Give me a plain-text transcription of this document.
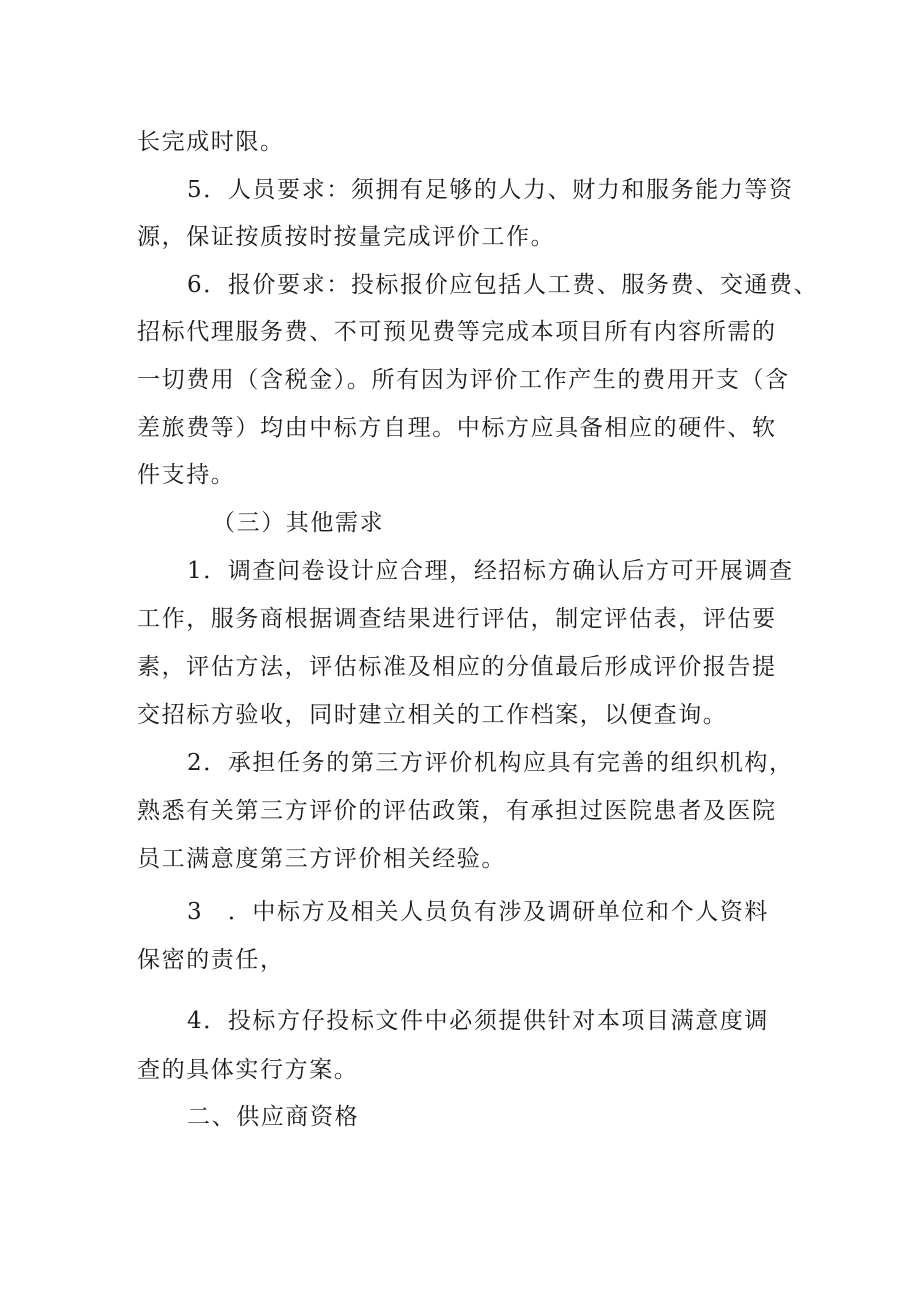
长完成时限。
5．人员要求：须拥有足够的人力、财力和服务能力等资
源，保证按质按时按量完成评价工作。
6．报价要求：投标报价应包括人工费、服务费、交通费、
招标代理服务费、不可预见费等完成本项目所有内容所需的
一切费用（含税金）。所有因为评价工作产生的费用开支（含
差旅费等）均由中标方自理。中标方应具备相应的硬件、软
件支持。
（三）其他需求
1．调查问卷设计应合理，经招标方确认后方可开展调查
工作，服务商根据调查结果进行评估，制定评估表，评估要
素，评估方法，评估标准及相应的分值最后形成评价报告提
交招标方验收，同时建立相关的工作档案，以便查询。
2．承担任务的第三方评价机构应具有完善的组织机构，
熟悉有关第三方评价的评估政策，有承担过医院患者及医院
员工满意度第三方评价相关经验。
3　．中标方及相关人员负有涉及调研单位和个人资料
保密的责任，
4．投标方仔投标文件中必须提供针对本项目满意度调
查的具体实行方案。
二、供应商资格
